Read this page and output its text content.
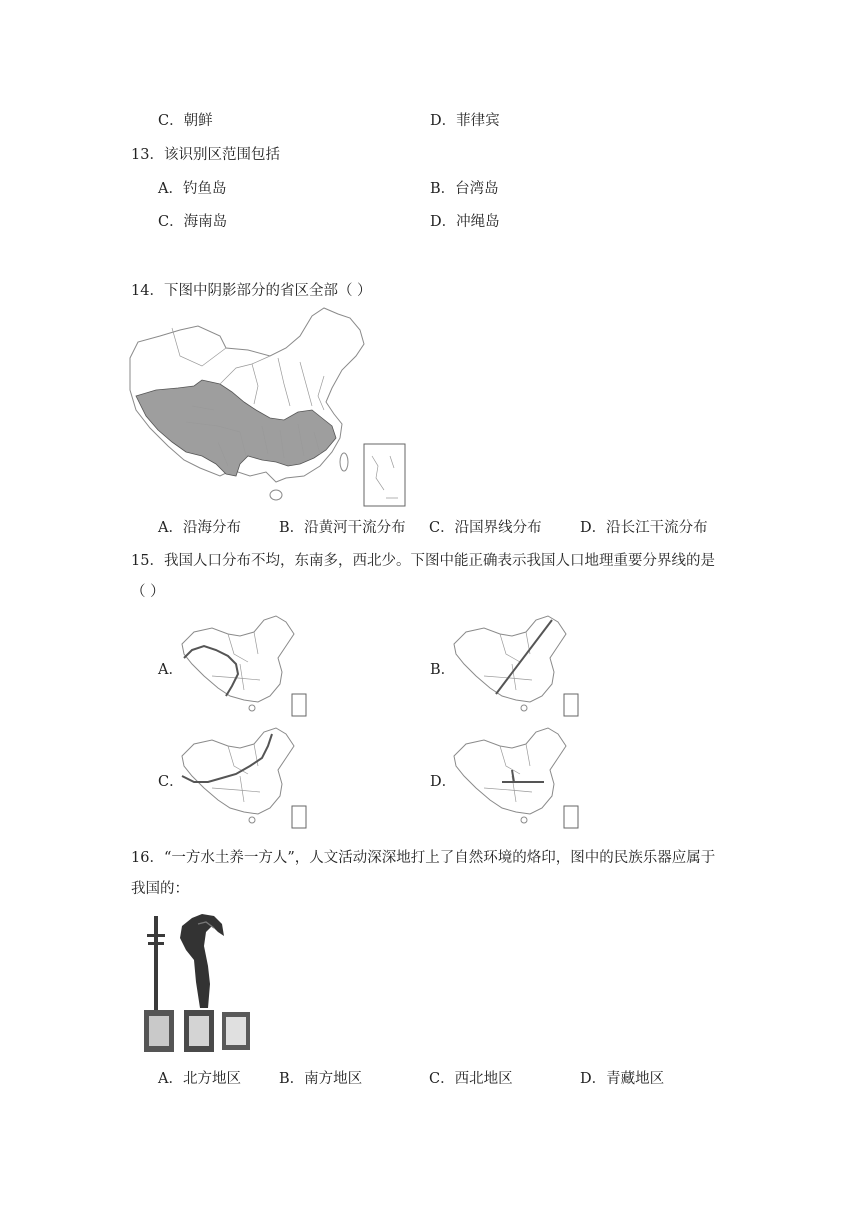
C．朝鲜	D．菲律宾
13．该识别区范围包括
A．钓鱼岛	B．台湾岛
C．海南岛	D．冲绳岛
14．下图中阴影部分的省区全部（ ）
A．沿海分布	B．沿黄河干流分布 C．沿国界线分布	D．沿长江干流分布
15．我国人口分布不均，东南多，西北少。下图中能正确表示我国人口地理重要分界线的是
（ ）
A．	B．
C．	D．
16．“一方水土养一方人”，人文活动深深地打上了自然环境的烙印，图中的民族乐器应属于
我国的：
A．北方地区	B．南方地区	C．西北地区	D．青藏地区
